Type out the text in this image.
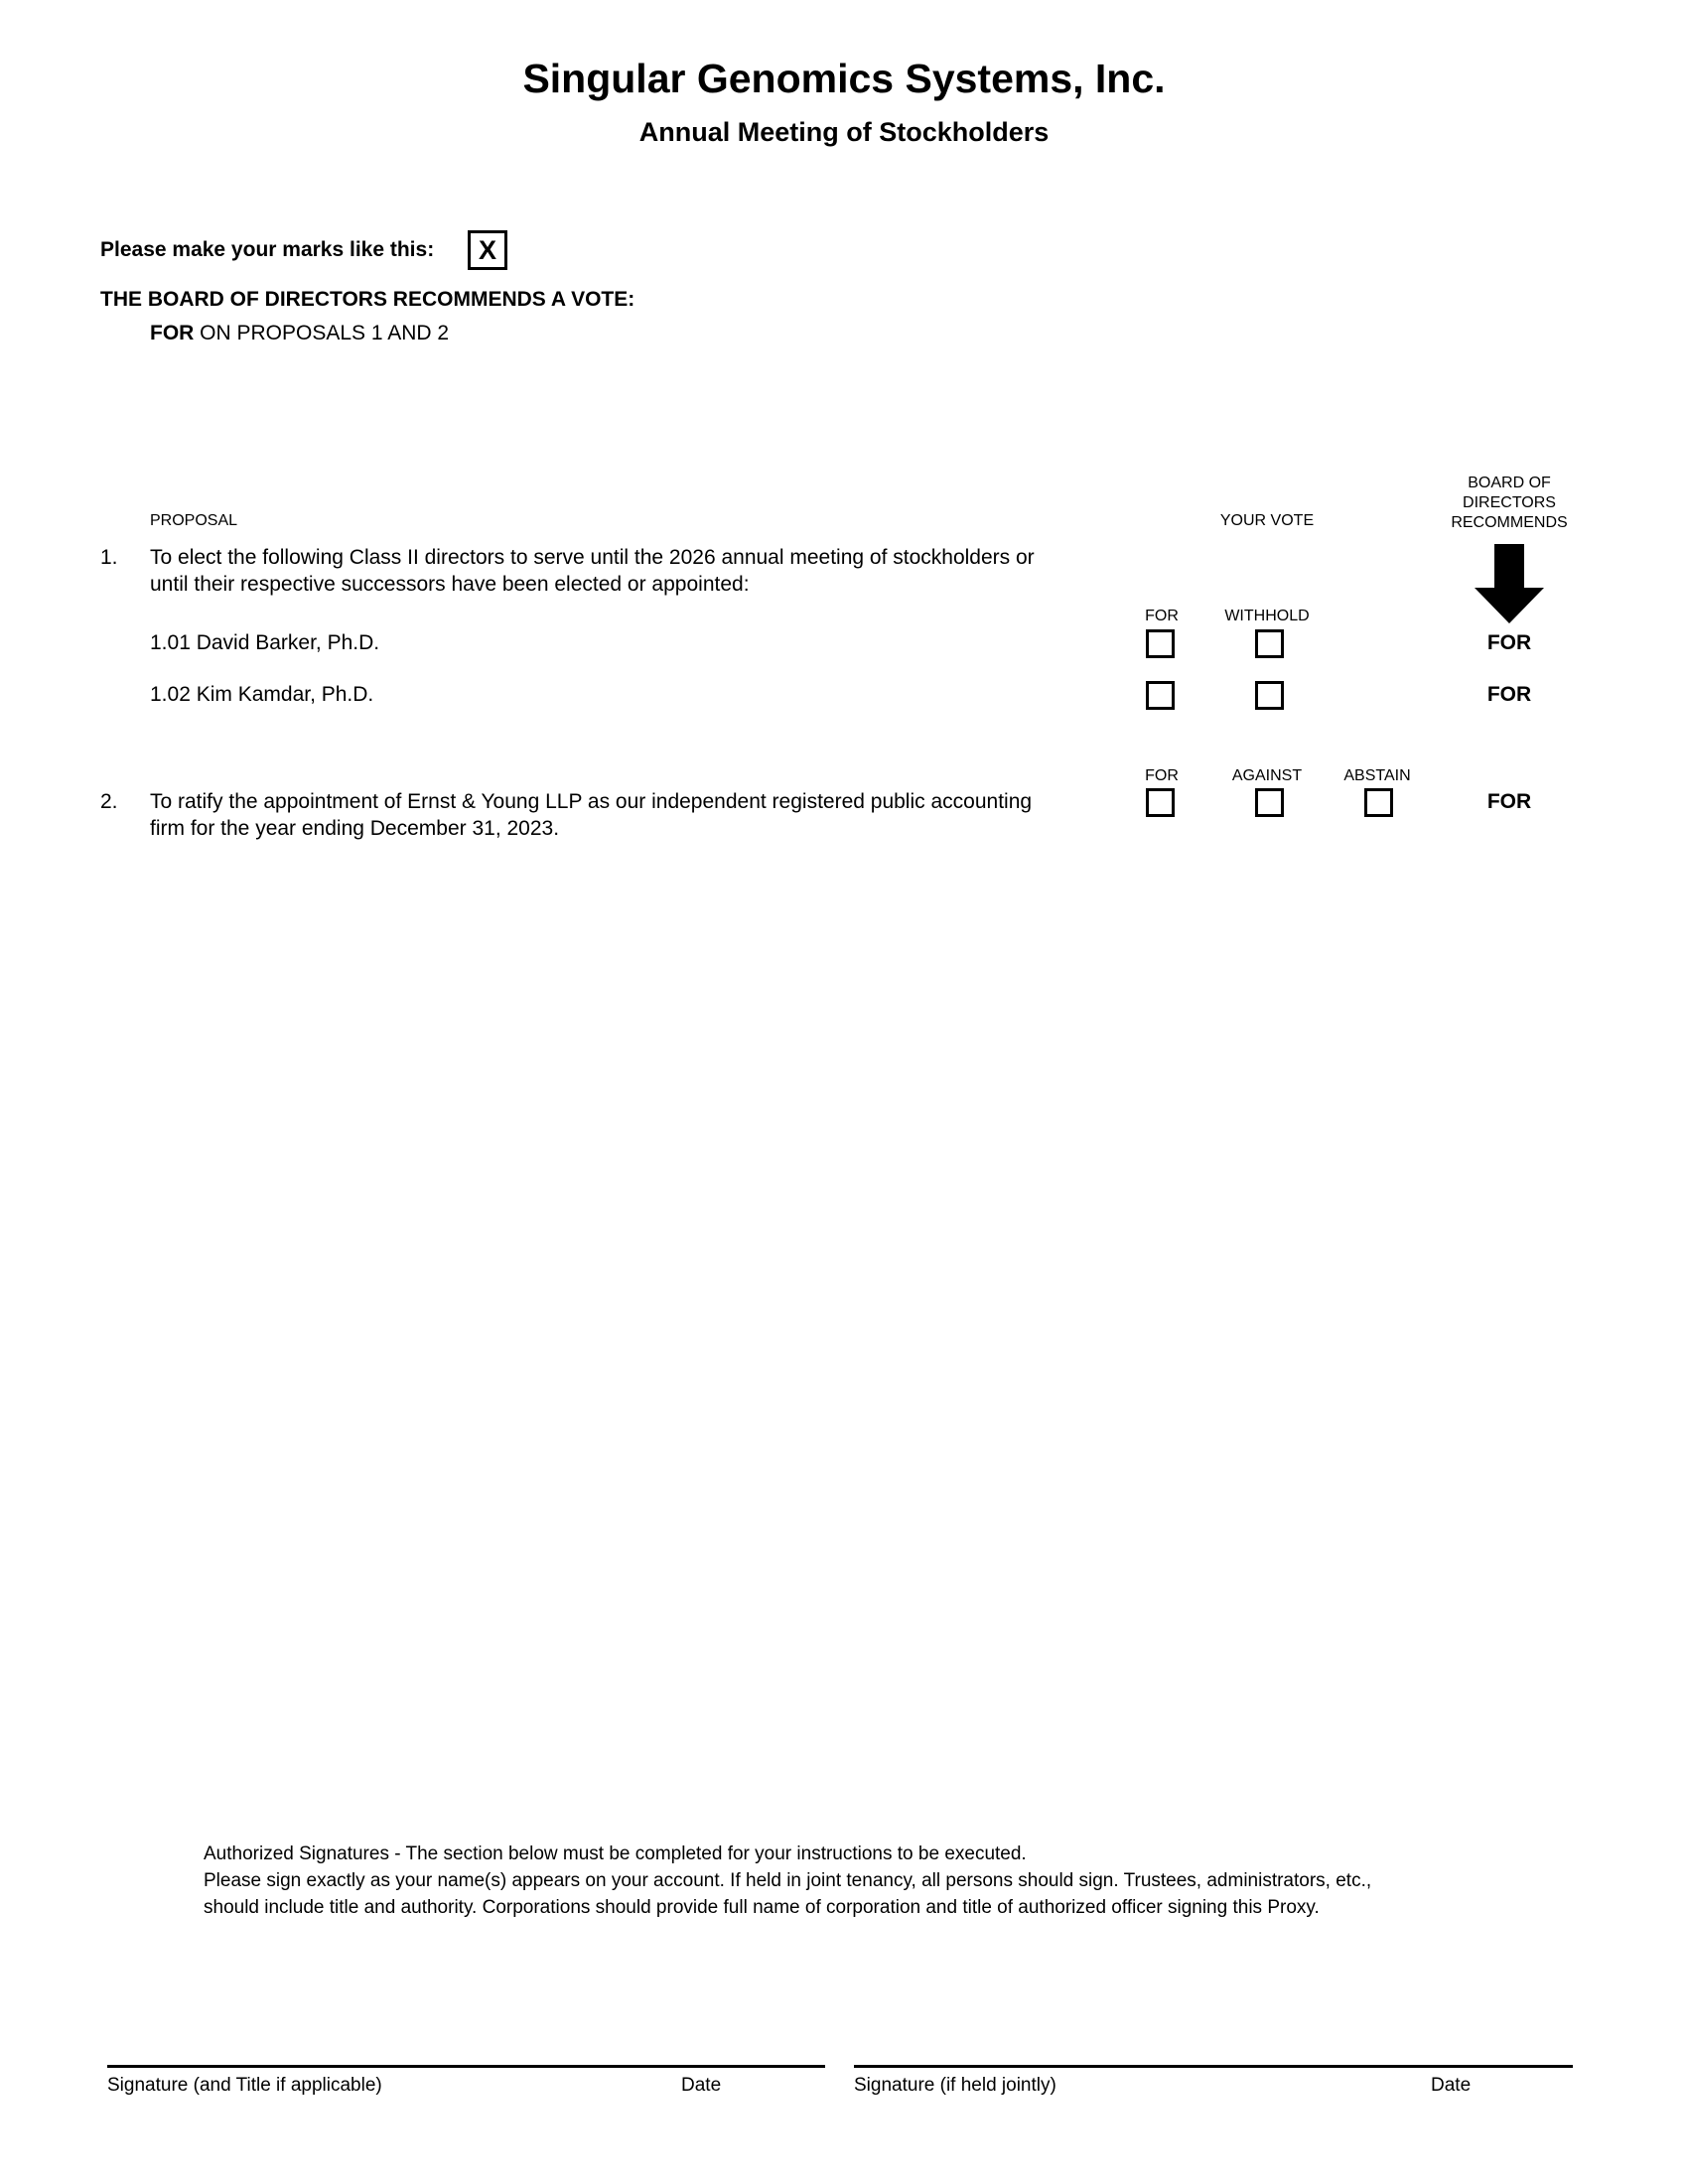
Singular Genomics Systems, Inc.
Annual Meeting of Stockholders
Please make your marks like this:	X
THE BOARD OF DIRECTORS RECOMMENDS A VOTE:
FOR ON PROPOSALS 1 AND 2
PROPOSAL	YOUR VOTE
BOARD OF
DIRECTORS
RECOMMENDS
1. To elect the following Class II directors to serve until the 2026 annual meeting of stockholders or
until their respective successors have been elected or appointed:
FOR	WITHHOLD
1.01 David Barker, Ph.D.	FOR
1.02 Kim Kamdar, Ph.D.	FOR
FOR	AGAINST	ABSTAIN
2. To ratify the appointment of Ernst & Young LLP as our independent registered public accounting
firm for the year ending December 31, 2023.
FOR
Authorized Signatures - The section below must be completed for your instructions to be executed.
Please sign exactly as your name(s) appears on your account. If held in joint tenancy, all persons should sign. Trustees, administrators, etc.,
should include title and authority. Corporations should provide full name of corporation and title of authorized officer signing this Proxy.
Signature (and Title if applicable)	Date	Signature (if held jointly)	Date
